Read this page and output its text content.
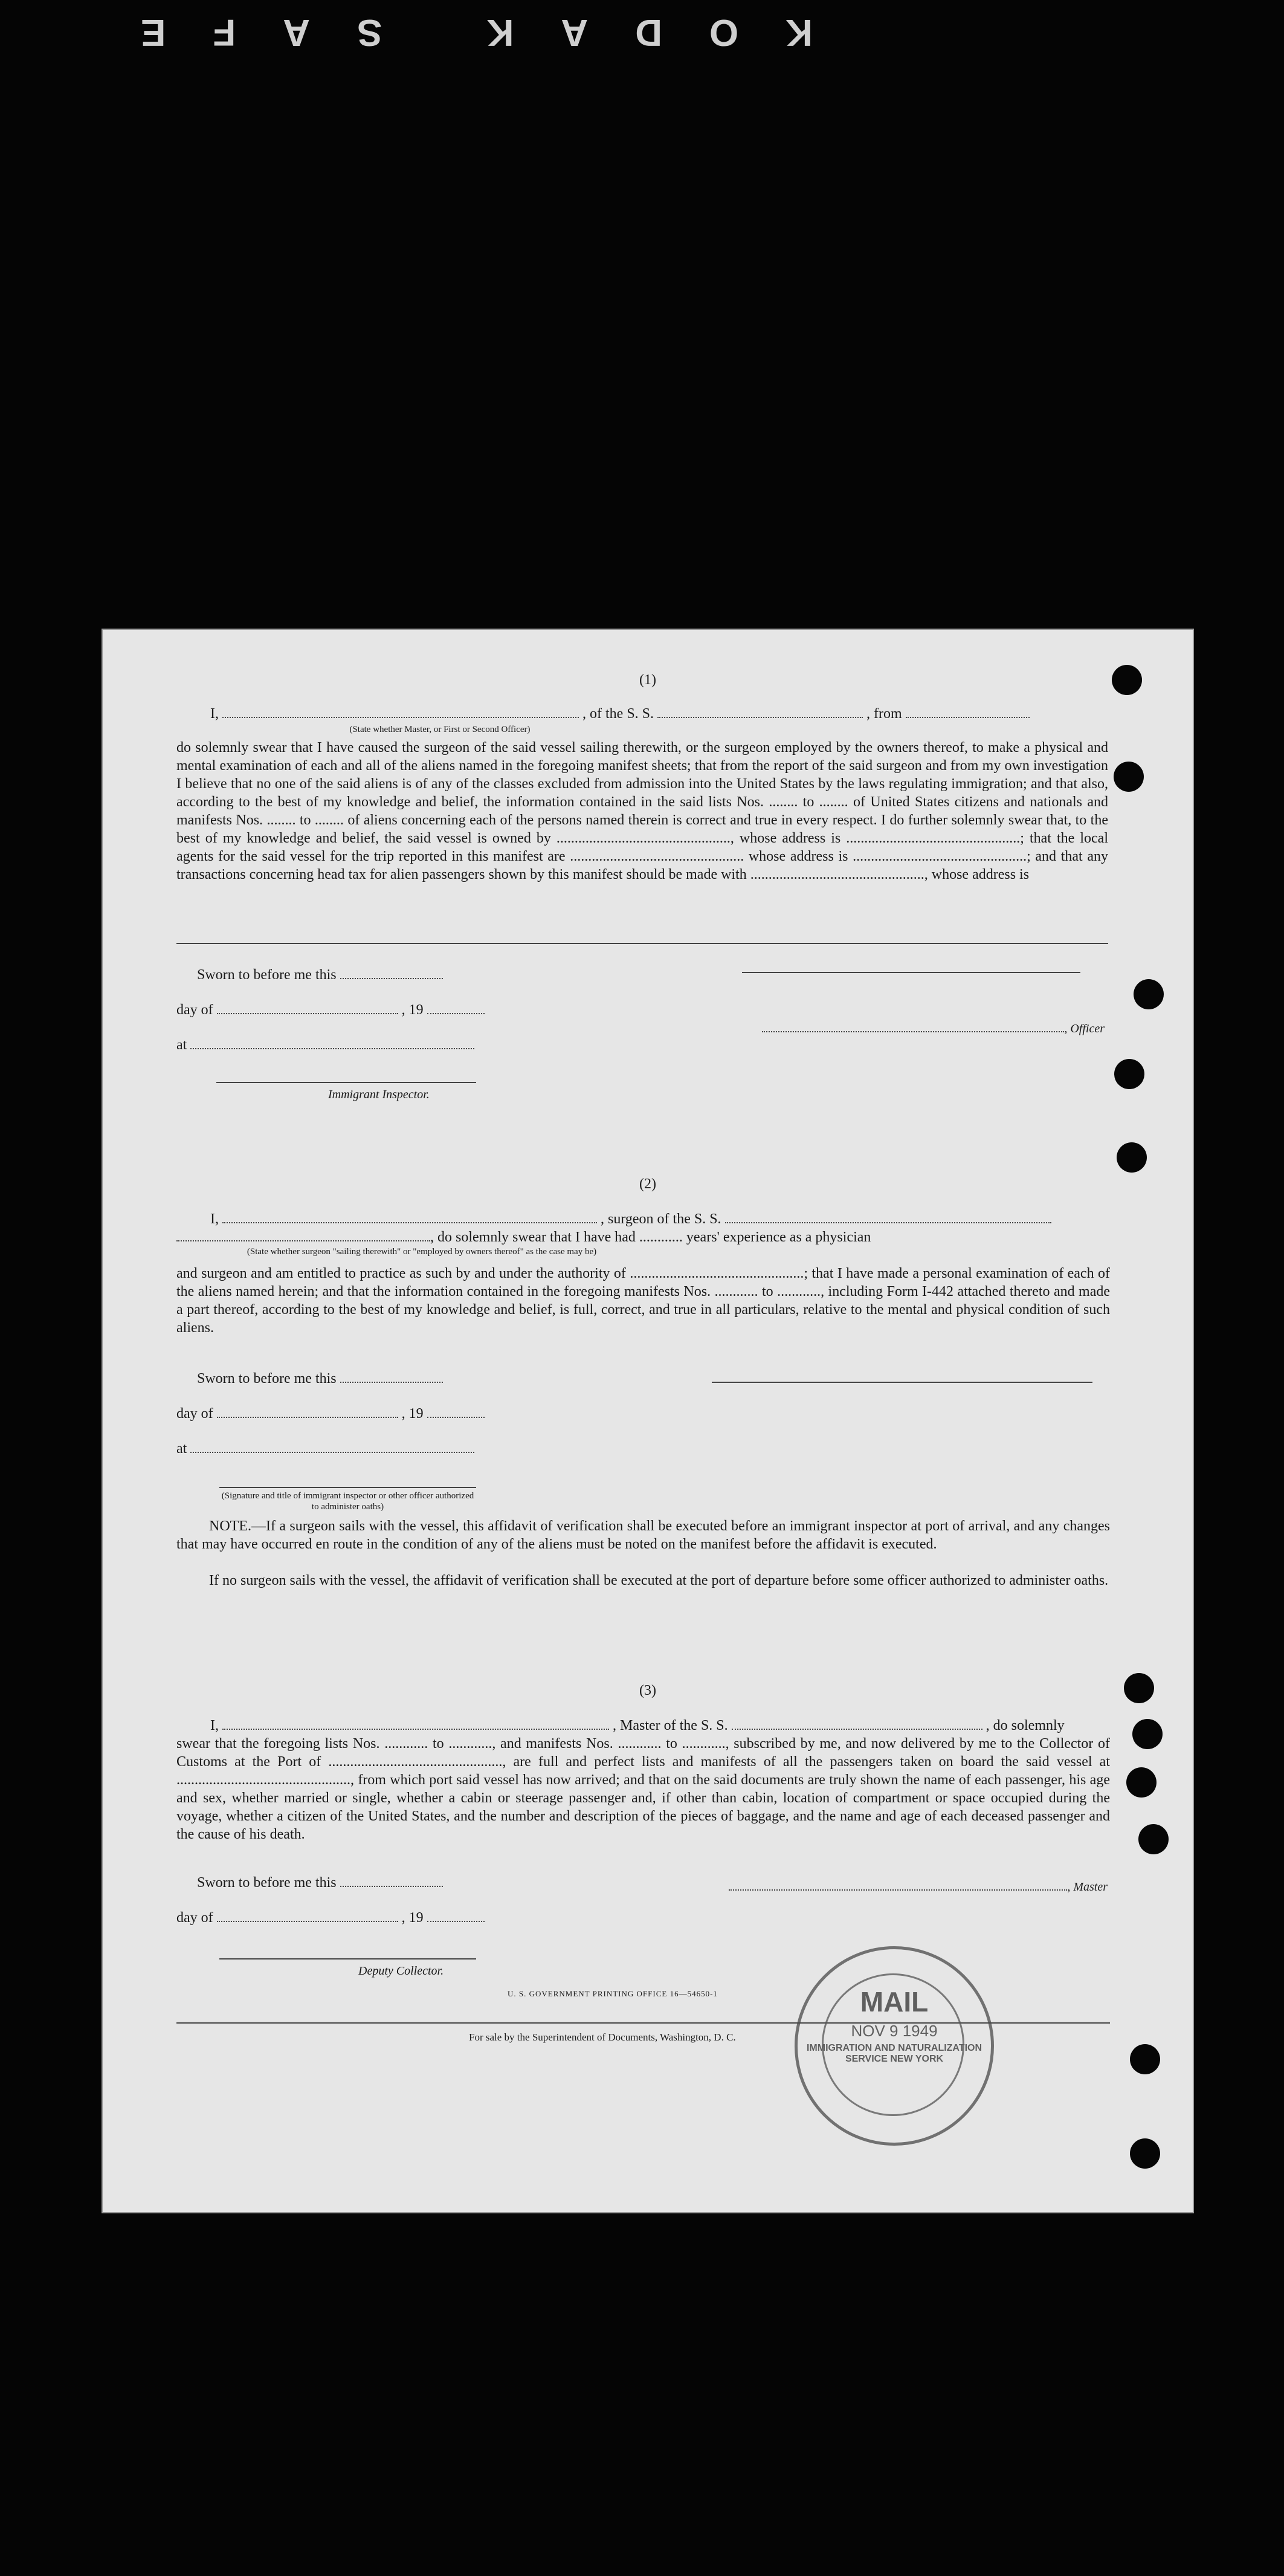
KODAK SAFE
(1)
I,	, of the S. S.	, from
(State whether Master, or First or Second Officer)
do solemnly swear that I have caused the surgeon of the said vessel sailing therewith, or the surgeon employed by the owners thereof, to make a physical and mental examination of each and all of the aliens named in the foregoing manifest sheets; that from the report of the said surgeon and from my own investigation I believe that no one of the said aliens is of any of the classes excluded from admission into the United States by the laws regulating immigration; and that also, according to the best of my knowledge and belief, the information contained in the said lists Nos. ........ to ........ of United States citizens and nationals and manifests Nos. ........ to ........ of aliens concerning each of the persons named therein is correct and true in every respect. I do further solemnly swear that, to the best of my knowledge and belief, the said vessel is owned by ................................................, whose address is ................................................; that the local agents for the said vessel for the trip reported in this manifest are ................................................ whose address is ................................................; and that any transactions concerning head tax for alien passengers shown by this manifest should be made with ................................................, whose address is
Sworn to before me this
day of	, 19
at
Immigrant Inspector.
, Officer
(2)
I,	, surgeon of the S. S.
, do solemnly swear that I have had ............ years' experience as a physician
(State whether surgeon "sailing therewith" or "employed by owners thereof" as the case may be)
and surgeon and am entitled to practice as such by and under the authority of ................................................; that I have made a personal examination of each of the aliens named herein; and that the information contained in the foregoing manifests Nos. ............ to ............, including Form I-442 attached thereto and made a part thereof, according to the best of my knowledge and belief, is full, correct, and true in all particulars, relative to the mental and physical condition of such aliens.
Sworn to before me this
day of	, 19
at
(Signature and title of immigrant inspector or other officer authorized to administer oaths)
NOTE.—If a surgeon sails with the vessel, this affidavit of verification shall be executed before an immigrant inspector at port of arrival, and any changes that may have occurred en route in the condition of any of the aliens must be noted on the manifest before the affidavit is executed.
If no surgeon sails with the vessel, the affidavit of verification shall be executed at the port of departure before some officer authorized to administer oaths.
(3)
I,	, Master of the S. S.	, do solemnly
swear that the foregoing lists Nos. ............ to ............, and manifests Nos. ............ to ............, subscribed by me, and now delivered by me to the Collector of Customs at the Port of ................................................, are full and perfect lists and manifests of all the passengers taken on board the said vessel at ................................................, from which port said vessel has now arrived; and that on the said documents are truly shown the name of each passenger, his age and sex, whether married or single, whether a cabin or steerage passenger and, if other than cabin, location of compartment or space occupied during the voyage, whether a citizen of the United States, and the number and description of the pieces of baggage, and the name and age of each deceased passenger and the cause of his death.
Sworn to before me this
day of	, 19
Deputy Collector.
, Master
U. S. GOVERNMENT PRINTING OFFICE 16—54650-1
For sale by the Superintendent of Documents, Washington, D. C.
MAIL
NOV 9 1949
IMMIGRATION AND NATURALIZATION SERVICE NEW YORK
